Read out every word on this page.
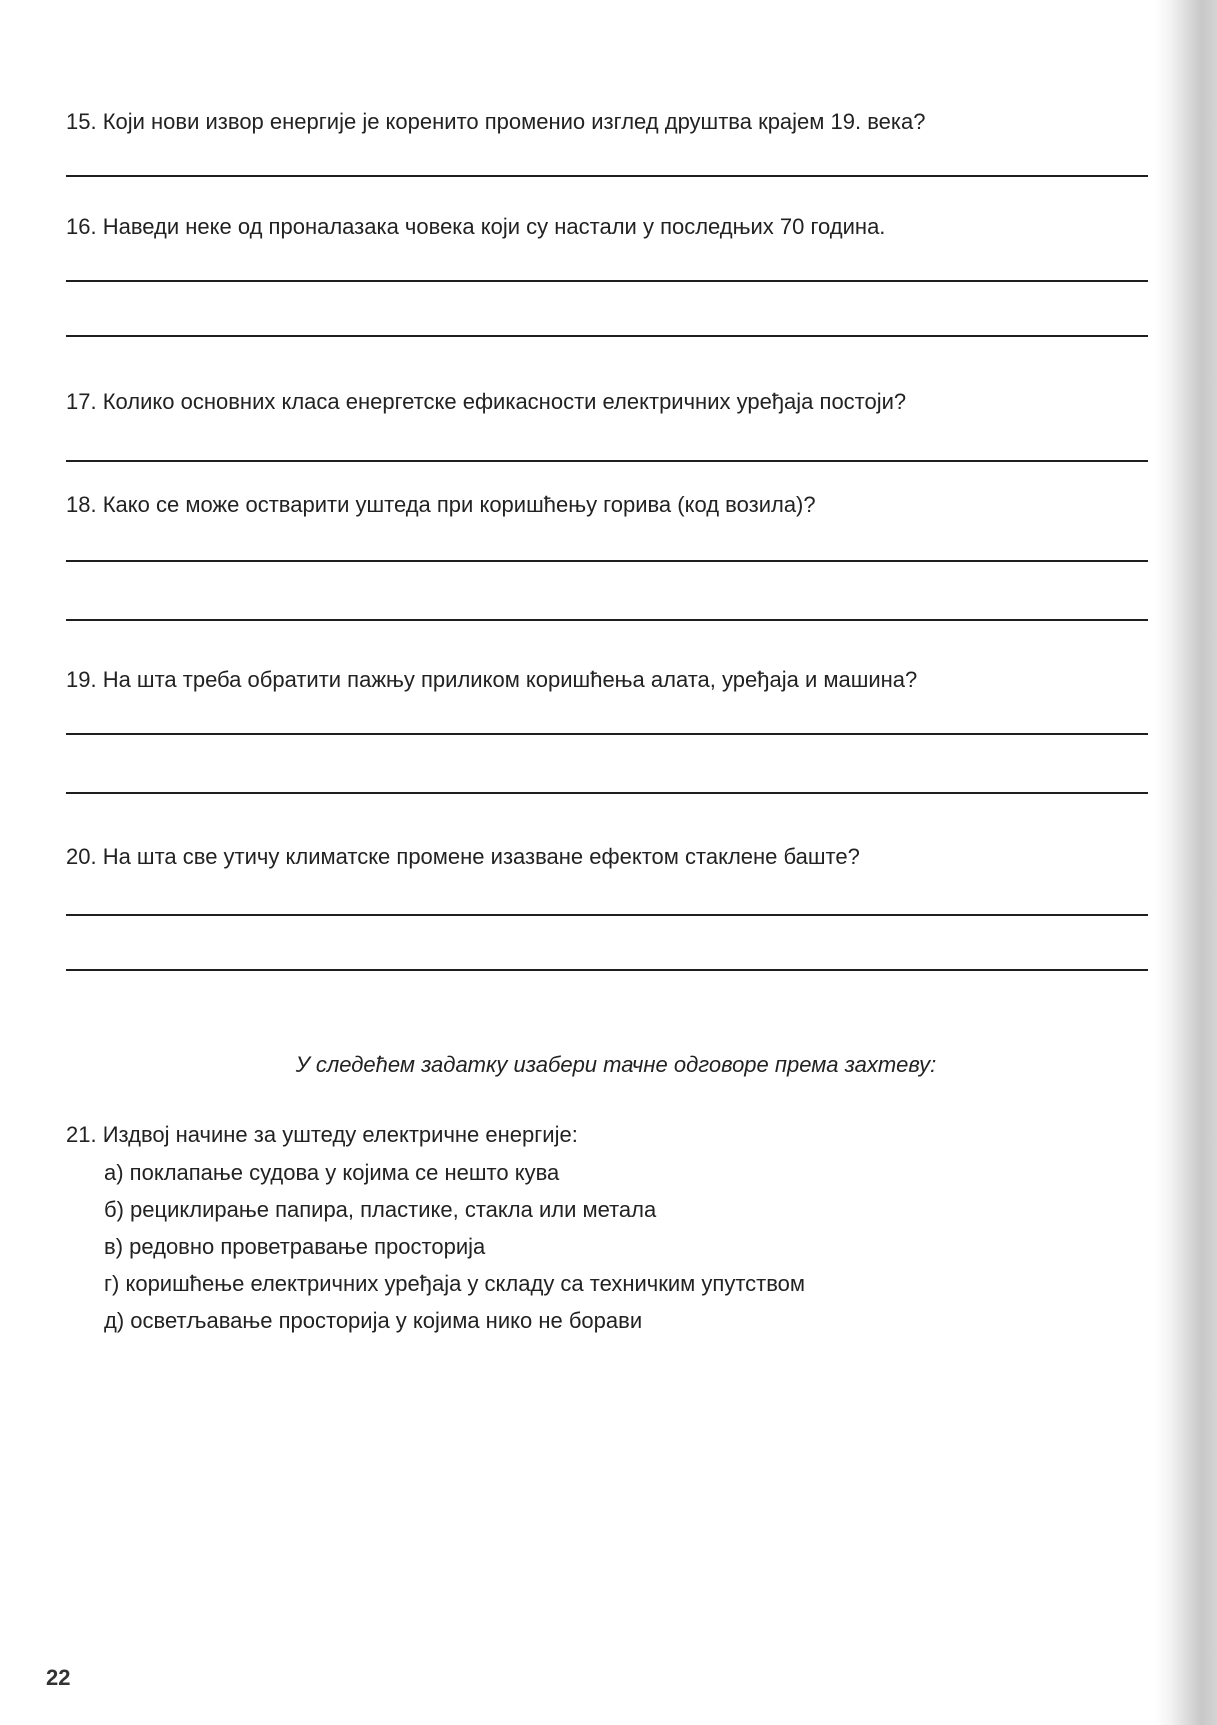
15. Који нови извор енергије је коренито променио изглед друштва крајем 19. века?
16. Наведи неке од проналазака човека који су настали у последњих 70 година.
17. Колико основних класа енергетске ефикасности електричних уређаја постоји?
18. Како се може остварити уштеда при коришћењу горива (код возила)?
19. На шта треба обратити пажњу приликом коришћења алата, уређаја и машина?
20. На шта све утичу климатске промене изазване ефектом стаклене баште?
У следећем задатку изабери тачне одговоре према захтеву:
21. Издвој начине за уштеду електричне енергије:
а) поклапање судова у којима се нешто кува
б) рециклирање папира, пластике, стакла или метала
в) редовно проветравање просторија
г) коришћење електричних уређаја у складу са техничким упутством
д) осветљавање просторија у којима нико не борави
22
